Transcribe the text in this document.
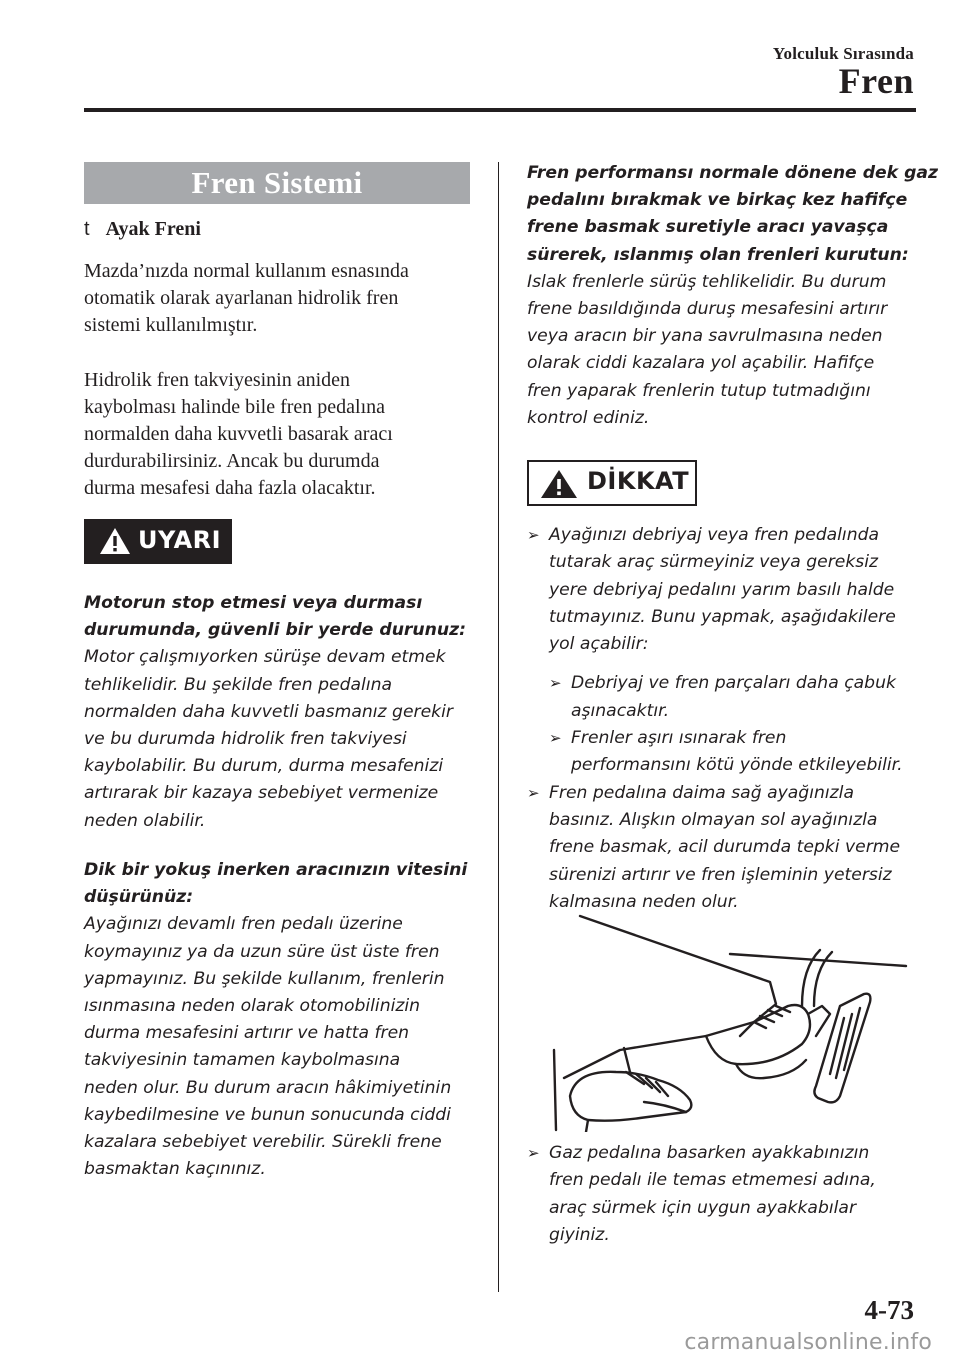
Yolculuk Sırasında
Fren
Fren Sistemi
t Ayak Freni
Mazda’nızda normal kullanım esnasında
otomatik olarak ayarlanan hidrolik fren
sistemi kullanılmıştır.
Hidrolik fren takviyesinin aniden
kaybolması halinde bile fren pedalına
normalden daha kuvvetli basarak aracı
durdurabilirsiniz. Ancak bu durumda
durma mesafesi daha fazla olacaktır.
UYARI
Motorun stop etmesi veya durması
durumunda, güvenli bir yerde durunuz:
Motor çalışmıyorken sürüşe devam etmek
tehlikelidir. Bu şekilde fren pedalına
normalden daha kuvvetli basmanız gerekir
ve bu durumda hidrolik fren takviyesi
kaybolabilir. Bu durum, durma mesafenizi
artırarak bir kazaya sebebiyet vermenize
neden olabilir.
Dik bir yokuş inerken aracınızın vitesini
düşürünüz:
Ayağınızı devamlı fren pedalı üzerine
koymayınız ya da uzun süre üst üste fren
yapmayınız. Bu şekilde kullanım, frenlerin
ısınmasına neden olarak otomobilinizin
durma mesafesini artırır ve hatta fren
takviyesinin tamamen kaybolmasına
neden olur. Bu durum aracın hâkimiyetinin
kaybedilmesine ve bunun sonucunda ciddi
kazalara sebebiyet verebilir. Sürekli frene
basmaktan kaçınınız.
Fren performansı normale dönene dek gaz
pedalını bırakmak ve birkaç kez hafifçe
frene basmak suretiyle aracı yavaşça
sürerek, ıslanmış olan frenleri kurutun:
Islak frenlerle sürüş tehlikelidir. Bu durum
frene basıldığında duruş mesafesini artırır
veya aracın bir yana savrulmasına neden
olarak ciddi kazalara yol açabilir. Hafifçe
fren yaparak frenlerin tutup tutmadığını
kontrol ediniz.
DİKKAT
➢ Ayağınızı debriyaj veya fren pedalında
tutarak araç sürmeyiniz veya gereksiz
yere debriyaj pedalını yarım basılı halde
tutmayınız. Bunu yapmak, aşağıdakilere
yol açabilir:
➢ Debriyaj ve fren parçaları daha çabuk
aşınacaktır.
➢ Frenler aşırı ısınarak fren
performansını kötü yönde etkileyebilir.
➢ Fren pedalına daima sağ ayağınızla
basınız. Alışkın olmayan sol ayağınızla
frene basmak, acil durumda tepki verme
sürenizi artırır ve fren işleminin yetersiz
kalmasına neden olur.
➢ Gaz pedalına basarken ayakkabınızın
fren pedalı ile temas etmemesi adına,
araç sürmek için uygun ayakkabılar
giyiniz.
4-73
carmanualsonline.info
